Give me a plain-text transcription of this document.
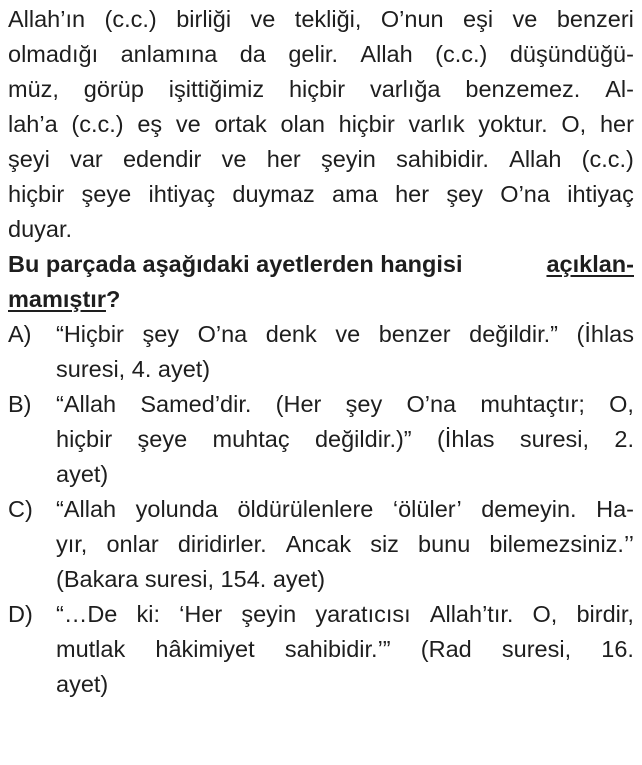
Allah’ın (c.c.) birliği ve tekliği, O’nun eşi ve benzeri
olmadığı anlamına da gelir. Allah (c.c.) düşündüğü-
müz, görüp işittiğimiz hiçbir varlığa benzemez. Al-
lah’a (c.c.) eş ve ortak olan hiçbir varlık yoktur. O, her
şeyi var edendir ve her şeyin sahibidir. Allah (c.c.)
hiçbir şeye ihtiyaç duymaz ama her şey O’na ihtiyaç
duyar.
Bu parçada aşağıdaki ayetlerden hangisi	açıklan-
mamıştır?
A) “Hiçbir şey O’na denk ve benzer değildir.” (İhlas
suresi, 4. ayet)
B) “Allah Samed’dir. (Her şey O’na muhtaçtır; O,
hiçbir şeye muhtaç değildir.)” (İhlas suresi, 2.
ayet)
C) “Allah yolunda öldürülenlere ‘ölüler’ demeyin. Ha-
yır, onlar diridirler. Ancak siz bunu bilemezsiniz.’’
(Bakara suresi, 154. ayet)
D) “…De ki: ‘Her şeyin yaratıcısı Allah’tır. O, birdir,
mutlak hâkimiyet sahibidir.’” (Rad suresi, 16.
ayet)
